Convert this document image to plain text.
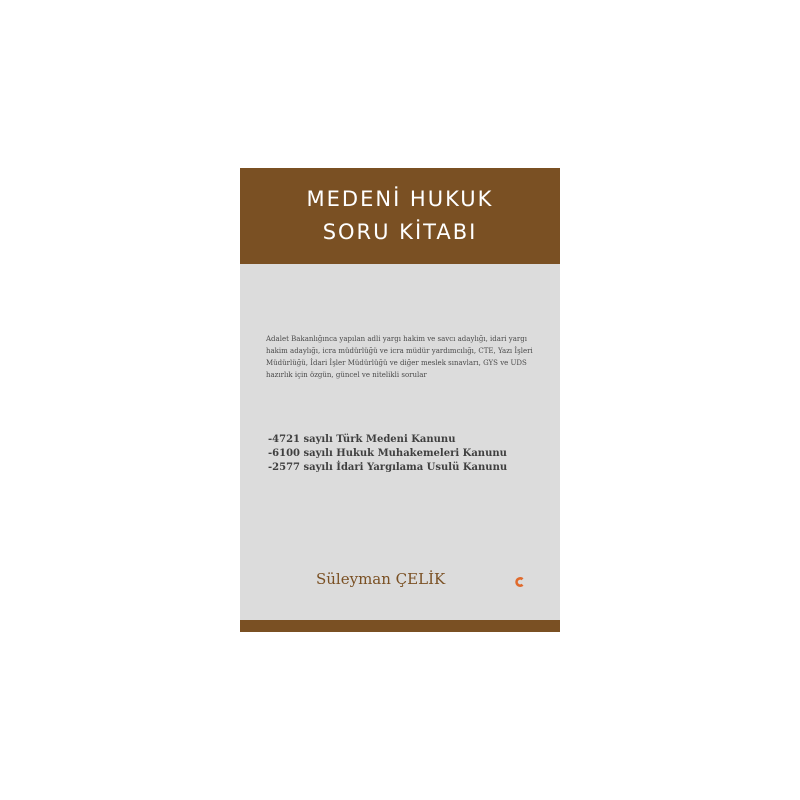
MEDENİ HUKUK
SORU KİTABI

Adalet Bakanlığınca yapılan adli yargı hakim ve savcı adaylığı, idari yargı hakim adaylığı, icra müdürlüğü ve icra müdür yardımcılığı, CTE, Yazı İşleri Müdürlüğü, İdari İşler Müdürlüğü ve diğer meslek sınavları, GYS ve UDS hazırlık için özgün, güncel ve nitelikli sorular

-4721 sayılı Türk Medeni Kanunu
-6100 sayılı Hukuk Muhakemeleri Kanunu
-2577 sayılı İdari Yargılama Usulü Kanunu
Süleyman ÇELİK
